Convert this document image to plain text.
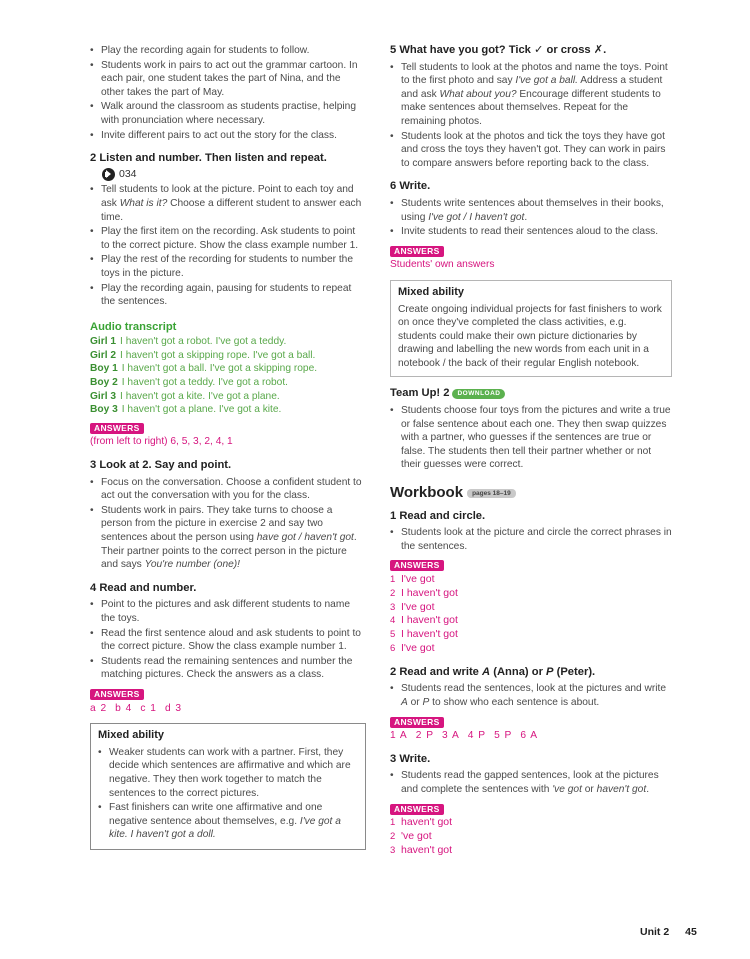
• Play the recording again for students to follow.
• Students work in pairs to act out the grammar cartoon. In each pair, one student takes the part of Nina, and the other takes the part of May.
• Walk around the classroom as students practise, helping with pronunciation where necessary.
• Invite different pairs to act out the story for the class.
2 Listen and number. Then listen and repeat.
034
• Tell students to look at the picture. Point to each toy and ask What is it? Choose a different student to answer each time.
• Play the first item on the recording. Ask students to point to the correct picture. Show the class example number 1.
• Play the rest of the recording for students to number the toys in the picture.
• Play the recording again, pausing for students to repeat the sentences.
Audio transcript
Girl 1 I haven't got a robot. I've got a teddy.
Girl 2 I haven't got a skipping rope. I've got a ball.
Boy 1 I haven't got a ball. I've got a skipping rope.
Boy 2 I haven't got a teddy. I've got a robot.
Girl 3 I haven't got a kite. I've got a plane.
Boy 3 I haven't got a plane. I've got a kite.
ANSWERS
(from left to right) 6, 5, 3, 2, 4, 1
3 Look at 2. Say and point.
• Focus on the conversation. Choose a confident student to act out the conversation with you for the class.
• Students work in pairs. They take turns to choose a person from the picture in exercise 2 and say two sentences about the person using have got / haven't got. Their partner points to the correct person in the picture and says You're number (one)!
4 Read and number.
• Point to the pictures and ask different students to name the toys.
• Read the first sentence aloud and ask students to point to the correct picture. Show the class example number 1.
• Students read the remaining sentences and number the matching pictures. Check the answers as a class.
ANSWERS
a 2 b 4 c 1 d 3
Mixed ability
• Weaker students can work with a partner. First, they decide which sentences are affirmative and which are negative. They then work together to match the sentences to the correct pictures.
• Fast finishers can write one affirmative and one negative sentence about themselves, e.g. I've got a kite. I haven't got a doll.
5 What have you got? Tick ✓ or cross ✗.
• Tell students to look at the photos and name the toys. Point to the first photo and say I've got a ball. Address a student and ask What about you? Encourage different students to make sentences about themselves. Repeat for the remaining photos.
• Students look at the photos and tick the toys they have got and cross the toys they haven't got. They can work in pairs to compare answers before reporting back to the class.
6 Write.
• Students write sentences about themselves in their books, using I've got / I haven't got.
• Invite students to read their sentences aloud to the class.
ANSWERS
Students' own answers
Mixed ability
Create ongoing individual projects for fast finishers to work on once they've completed the class activities, e.g. students could make their own picture dictionaries by drawing and labelling the new words from each unit in a notebook / the back of their regular English notebook.
Team Up! 2 DOWNLOAD
• Students choose four toys from the pictures and write a true or false sentence about each one. They then swap quizzes with a partner, who guesses if the sentences are true or false. The students then tell their partner whether or not their guesses were correct.
Workbook pages 18–19
1 Read and circle.
• Students look at the picture and circle the correct phrases in the sentences.
ANSWERS
1 I've got
2 I haven't got
3 I've got
4 I haven't got
5 I haven't got
6 I've got
2 Read and write A (Anna) or P (Peter).
• Students read the sentences, look at the pictures and write A or P to show who each sentence is about.
ANSWERS
1 A 2 P 3 A 4 P 5 P 6 A
3 Write.
• Students read the gapped sentences, look at the pictures and complete the sentences with 've got or haven't got.
ANSWERS
1 haven't got
2 've got
3 haven't got
Unit 2 45
